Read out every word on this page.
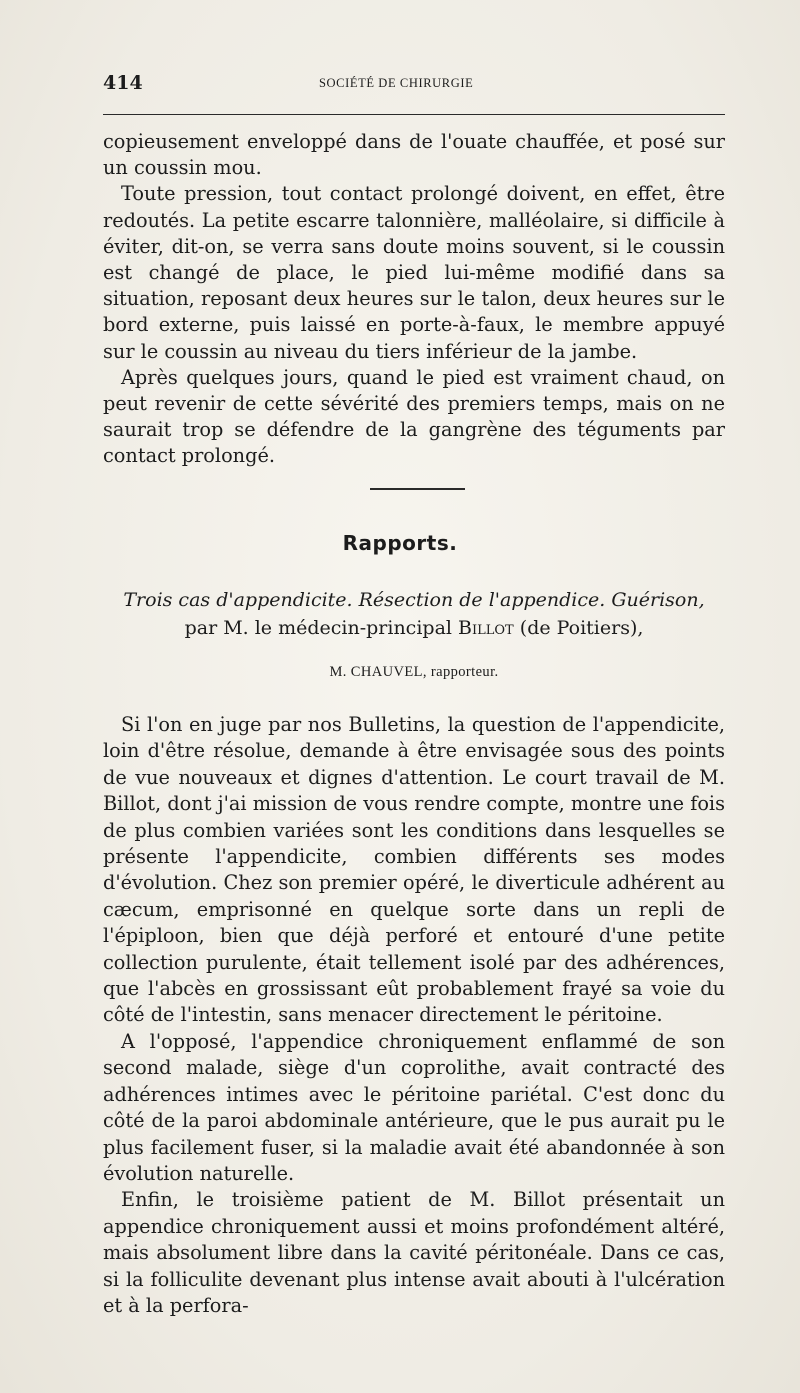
414	SOCIÉTÉ DE CHIRURGIE

copieusement enveloppé dans de l'ouate chauffée, et posé sur un coussin mou.

Toute pression, tout contact prolongé doivent, en effet, être redoutés. La petite escarre talonnière, malléolaire, si difficile à éviter, dit-on, se verra sans doute moins souvent, si le coussin est changé de place, le pied lui-même modifié dans sa situation, reposant deux heures sur le talon, deux heures sur le bord externe, puis laissé en porte-à-faux, le membre appuyé sur le coussin au niveau du tiers inférieur de la jambe.

Après quelques jours, quand le pied est vraiment chaud, on peut revenir de cette sévérité des premiers temps, mais on ne saurait trop se défendre de la gangrène des téguments par contact prolongé.

Rapports.
Trois cas d'appendicite. Résection de l'appendice. Guérison,
par M. le médecin-principal Billot (de Poitiers),
M. CHAUVEL, rapporteur.

Si l'on en juge par nos Bulletins, la question de l'appendicite, loin d'être résolue, demande à être envisagée sous des points de vue nouveaux et dignes d'attention. Le court travail de M. Billot, dont j'ai mission de vous rendre compte, montre une fois de plus combien variées sont les conditions dans lesquelles se présente l'appendicite, combien différents ses modes d'évolution. Chez son premier opéré, le diverticule adhérent au cæcum, emprisonné en quelque sorte dans un repli de l'épiploon, bien que déjà perforé et entouré d'une petite collection purulente, était tellement isolé par des adhérences, que l'abcès en grossissant eût probablement frayé sa voie du côté de l'intestin, sans menacer directement le péritoine.

A l'opposé, l'appendice chroniquement enflammé de son second malade, siège d'un coprolithe, avait contracté des adhérences intimes avec le péritoine pariétal. C'est donc du côté de la paroi abdominale antérieure, que le pus aurait pu le plus facilement fuser, si la maladie avait été abandonnée à son évolution naturelle.

Enfin, le troisième patient de M. Billot présentait un appendice chroniquement aussi et moins profondément altéré, mais absolument libre dans la cavité péritonéale. Dans ce cas, si la folliculite devenant plus intense avait abouti à l'ulcération et à la perfora-
